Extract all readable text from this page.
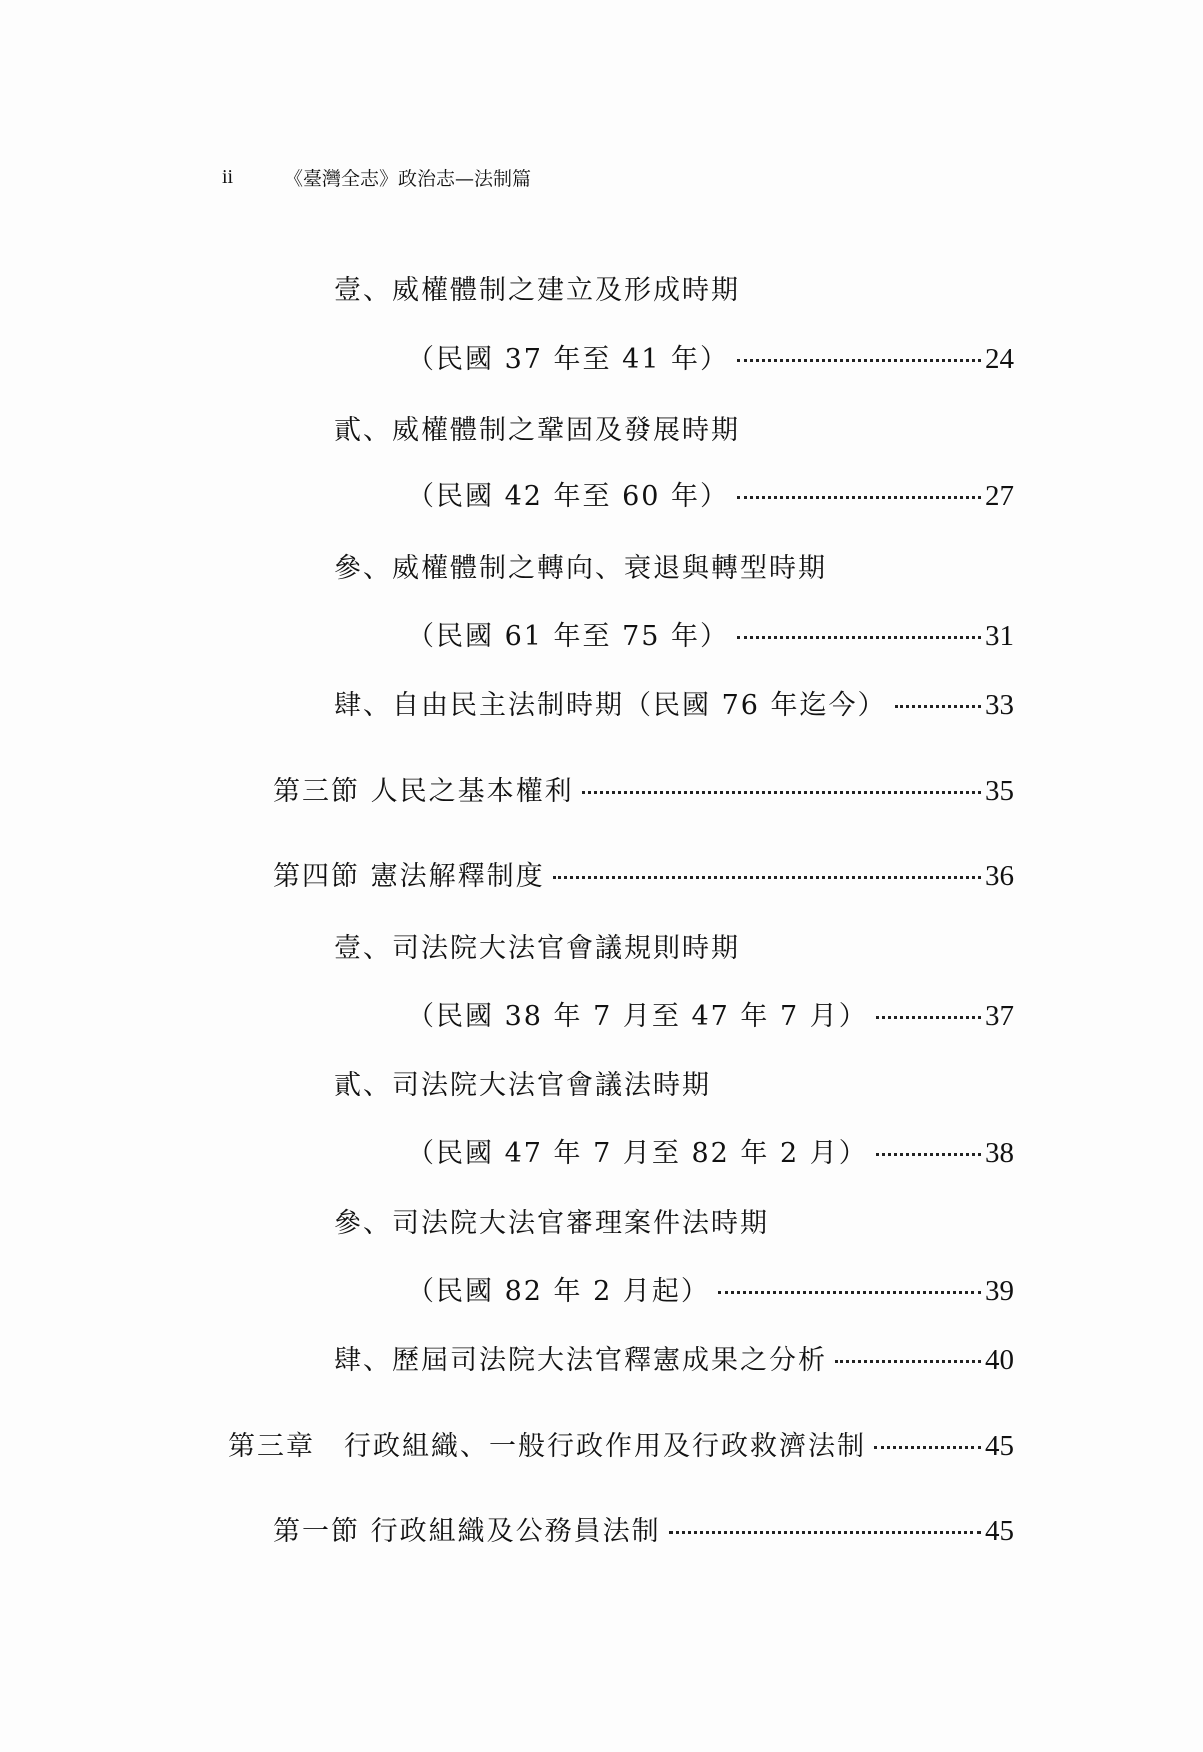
ii	《臺灣全志》政治志—法制篇
壹、威權體制之建立及形成時期
（民國 37 年至 41 年）	24
貳、威權體制之鞏固及發展時期
（民國 42 年至 60 年）	27
參、威權體制之轉向、衰退與轉型時期
（民國 61 年至 75 年）	31
肆、自由民主法制時期（民國 76 年迄今）	33
第三節 人民之基本權利	35
第四節 憲法解釋制度	36
壹、司法院大法官會議規則時期
（民國 38 年 7 月至 47 年 7 月）	37
貳、司法院大法官會議法時期
（民國 47 年 7 月至 82 年 2 月）	38
參、司法院大法官審理案件法時期
（民國 82 年 2 月起）	39
肆、歷屆司法院大法官釋憲成果之分析	40
第三章　行政組織、一般行政作用及行政救濟法制	45
第一節 行政組織及公務員法制	45
